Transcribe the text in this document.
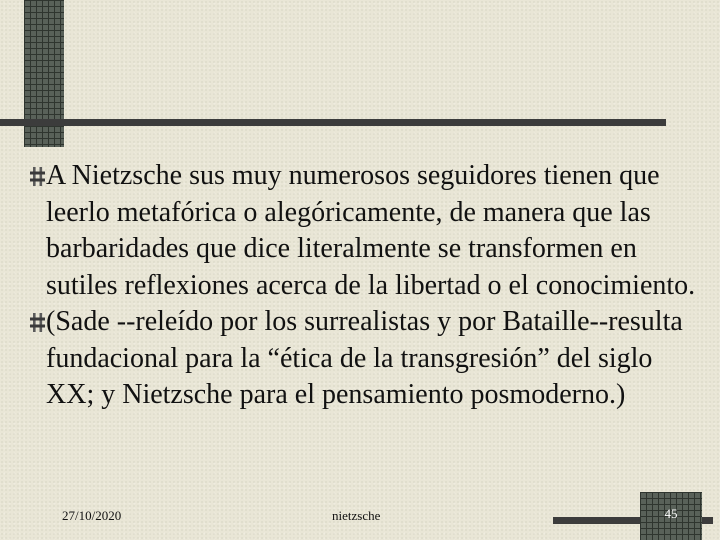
A Nietzsche sus muy numerosos seguidores tienen que leerlo metafórica o alegóricamente, de manera que las barbaridades que dice literalmente se transformen en sutiles reflexiones acerca de la libertad o el conocimiento.
(Sade --releído por los surrealistas y por Bataille--resulta fundacional para la “ética de la transgresión” del siglo XX; y Nietzsche para el pensamiento posmoderno.)
27/10/2020	nietzsche	45
